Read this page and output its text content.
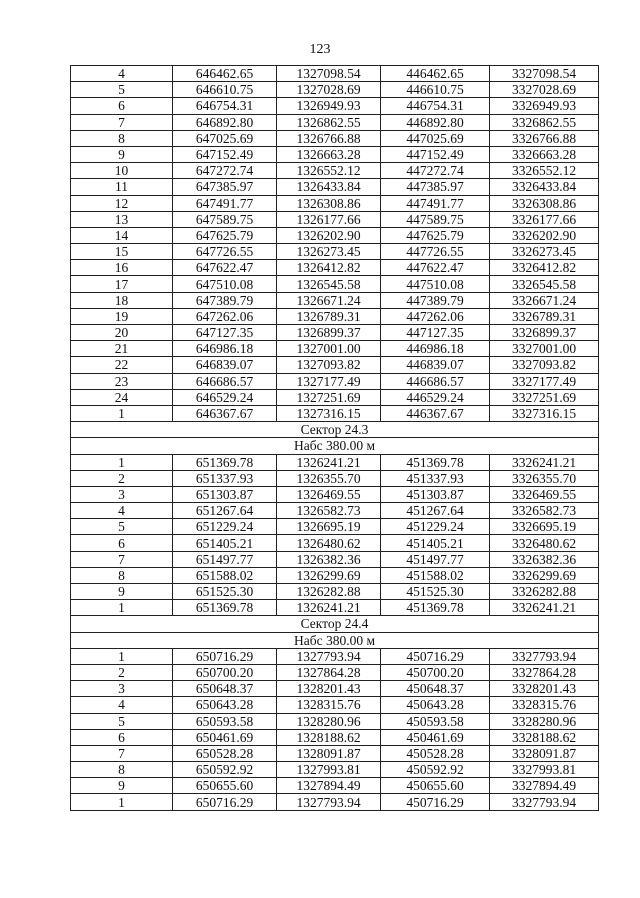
123
4	646462.65	1327098.54	446462.65	3327098.54
5	646610.75	1327028.69	446610.75	3327028.69
6	646754.31	1326949.93	446754.31	3326949.93
7	646892.80	1326862.55	446892.80	3326862.55
8	647025.69	1326766.88	447025.69	3326766.88
9	647152.49	1326663.28	447152.49	3326663.28
10	647272.74	1326552.12	447272.74	3326552.12
11	647385.97	1326433.84	447385.97	3326433.84
12	647491.77	1326308.86	447491.77	3326308.86
13	647589.75	1326177.66	447589.75	3326177.66
14	647625.79	1326202.90	447625.79	3326202.90
15	647726.55	1326273.45	447726.55	3326273.45
16	647622.47	1326412.82	447622.47	3326412.82
17	647510.08	1326545.58	447510.08	3326545.58
18	647389.79	1326671.24	447389.79	3326671.24
19	647262.06	1326789.31	447262.06	3326789.31
20	647127.35	1326899.37	447127.35	3326899.37
21	646986.18	1327001.00	446986.18	3327001.00
22	646839.07	1327093.82	446839.07	3327093.82
23	646686.57	1327177.49	446686.57	3327177.49
24	646529.24	1327251.69	446529.24	3327251.69
1	646367.67	1327316.15	446367.67	3327316.15
Сектор 24.3				
Набс 380.00 м				
1	651369.78	1326241.21	451369.78	3326241.21
2	651337.93	1326355.70	451337.93	3326355.70
3	651303.87	1326469.55	451303.87	3326469.55
4	651267.64	1326582.73	451267.64	3326582.73
5	651229.24	1326695.19	451229.24	3326695.19
6	651405.21	1326480.62	451405.21	3326480.62
7	651497.77	1326382.36	451497.77	3326382.36
8	651588.02	1326299.69	451588.02	3326299.69
9	651525.30	1326282.88	451525.30	3326282.88
1	651369.78	1326241.21	451369.78	3326241.21
Сектор 24.4				
Набс 380.00 м				
1	650716.29	1327793.94	450716.29	3327793.94
2	650700.20	1327864.28	450700.20	3327864.28
3	650648.37	1328201.43	450648.37	3328201.43
4	650643.28	1328315.76	450643.28	3328315.76
5	650593.58	1328280.96	450593.58	3328280.96
6	650461.69	1328188.62	450461.69	3328188.62
7	650528.28	1328091.87	450528.28	3328091.87
8	650592.92	1327993.81	450592.92	3327993.81
9	650655.60	1327894.49	450655.60	3327894.49
1	650716.29	1327793.94	450716.29	3327793.94
